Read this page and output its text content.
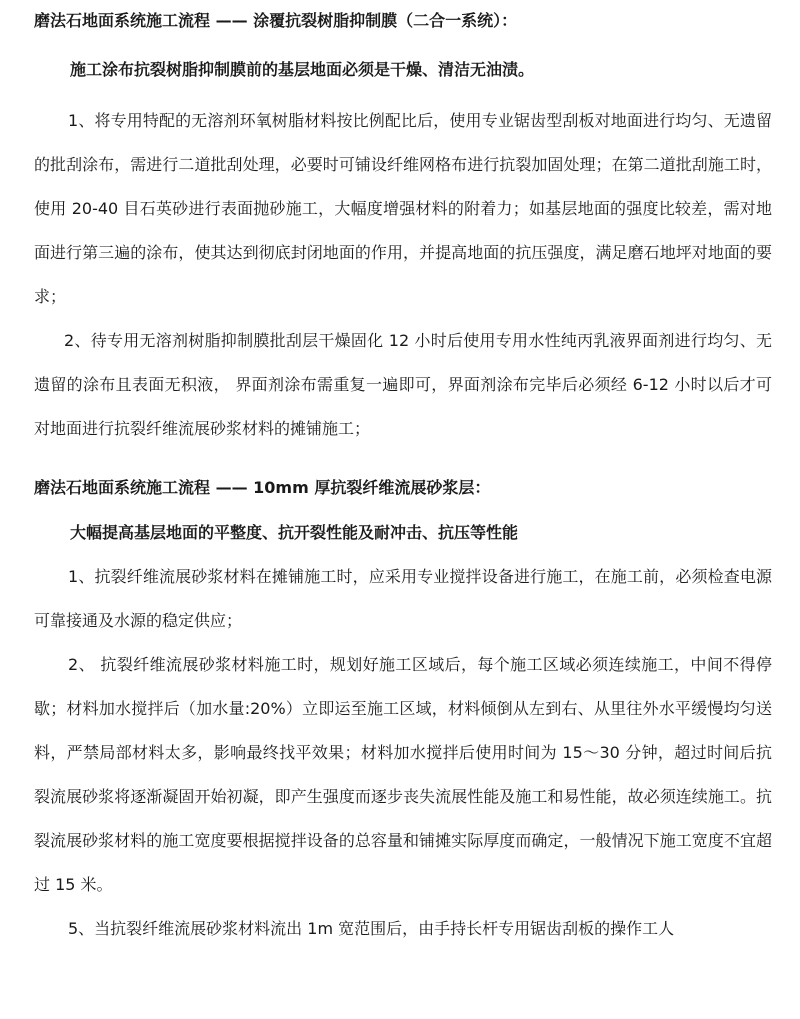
磨法石地面系统施工流程 —— 涂覆抗裂树脂抑制膜（二合一系统）：

施工涂布抗裂树脂抑制膜前的基层地面必须是干燥、清洁无油渍。

1、将专用特配的无溶剂环氧树脂材料按比例配比后，使用专业锯齿型刮板对地面进行均匀、无遗留的批刮涂布，需进行二道批刮处理，必要时可铺设纤维网格布进行抗裂加固处理；在第二道批刮施工时，使用 20-40 目石英砂进行表面抛砂施工，大幅度增强材料的附着力；如基层地面的强度比较差，需对地面进行第三遍的涂布，使其达到彻底封闭地面的作用，并提高地面的抗压强度，满足磨石地坪对地面的要求；

2、待专用无溶剂树脂抑制膜批刮层干燥固化 12 小时后使用专用水性纯丙乳液界面剂进行均匀、无遗留的涂布且表面无积液， 界面剂涂布需重复一遍即可，界面剂涂布完毕后必须经 6-12 小时以后才可对地面进行抗裂纤维流展砂浆材料的摊铺施工；

磨法石地面系统施工流程 —— 10mm 厚抗裂纤维流展砂浆层：

大幅提高基层地面的平整度、抗开裂性能及耐冲击、抗压等性能

1、抗裂纤维流展砂浆材料在摊铺施工时，应采用专业搅拌设备进行施工，在施工前，必须检查电源可靠接通及水源的稳定供应；

2、 抗裂纤维流展砂浆材料施工时，规划好施工区域后，每个施工区域必须连续施工，中间不得停歇；材料加水搅拌后（加水量:20%）立即运至施工区域，材料倾倒从左到右、从里往外水平缓慢均匀送料，严禁局部材料太多，影响最终找平效果；材料加水搅拌后使用时间为 15～30 分钟，超过时间后抗裂流展砂浆将逐渐凝固开始初凝，即产生强度而逐步丧失流展性能及施工和易性能，故必须连续施工。抗裂流展砂浆材料的施工宽度要根据搅拌设备的总容量和铺摊实际厚度而确定，一般情况下施工宽度不宜超过 15 米。

5、当抗裂纤维流展砂浆材料流出 1m 宽范围后，由手持长杆专用锯齿刮板的操作工人
